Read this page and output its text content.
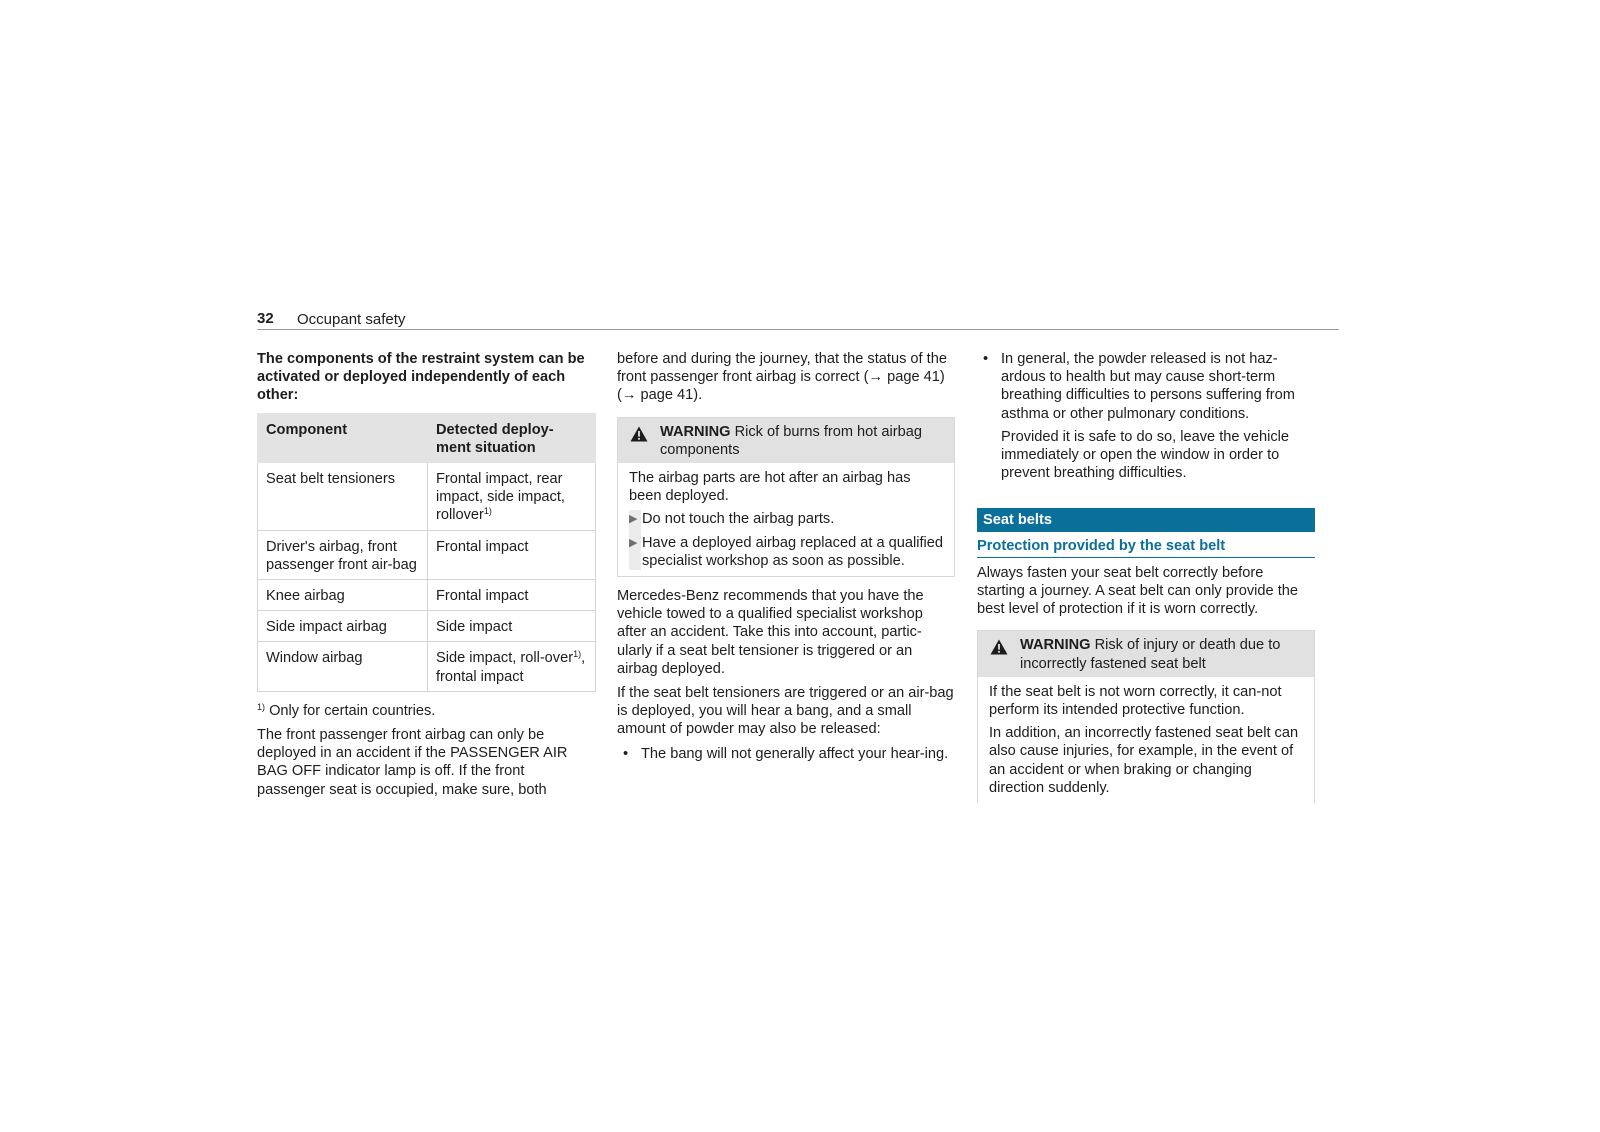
32 Occupant safety

The components of the restraint system can be activated or deployed independently of each other:

Component	Detected deploy-
ment situation
Seat belt tensioners	Frontal impact, rear impact, side impact, rollover$^{1)}$
Driver's airbag, front passenger front air-bag	Frontal impact
Knee airbag	Frontal impact
Side impact airbag	Side impact
Window airbag	Side impact, roll-over$^{1)}$, frontal impact

$^{1)}$ Only for certain countries.

The front passenger front airbag can only be deployed in an accident if the PASSENGER AIR BAG OFF indicator lamp is off. If the front passenger seat is occupied, make sure, both

before and during the journey, that the status of the front passenger front airbag is correct (→ page 41) (→ page 41).

WARNING Rick of burns from hot airbag components

The airbag parts are hot after an airbag has been deployed.

▶ Do not touch the airbag parts.
▶ Have a deployed airbag replaced at a qualified specialist workshop as soon as possible.

Mercedes-Benz recommends that you have the vehicle towed to a qualified specialist workshop after an accident. Take this into account, partic-ularly if a seat belt tensioner is triggered or an airbag deployed.

If the seat belt tensioners are triggered or an air-bag is deployed, you will hear a bang, and a small amount of powder may also be released:

• The bang will not generally affect your hear-ing.
• In general, the powder released is not haz-ardous to health but may cause short-term breathing difficulties to persons suffering from asthma or other pulmonary conditions.
Provided it is safe to do so, leave the vehicle immediately or open the window in order to prevent breathing difficulties.
Seat belts
Protection provided by the seat belt

Always fasten your seat belt correctly before starting a journey. A seat belt can only provide the best level of protection if it is worn correctly.

WARNING Risk of injury or death due to incorrectly fastened seat belt

If the seat belt is not worn correctly, it can-not perform its intended protective function.

In addition, an incorrectly fastened seat belt can also cause injuries, for example, in the event of an accident or when braking or changing direction suddenly.
